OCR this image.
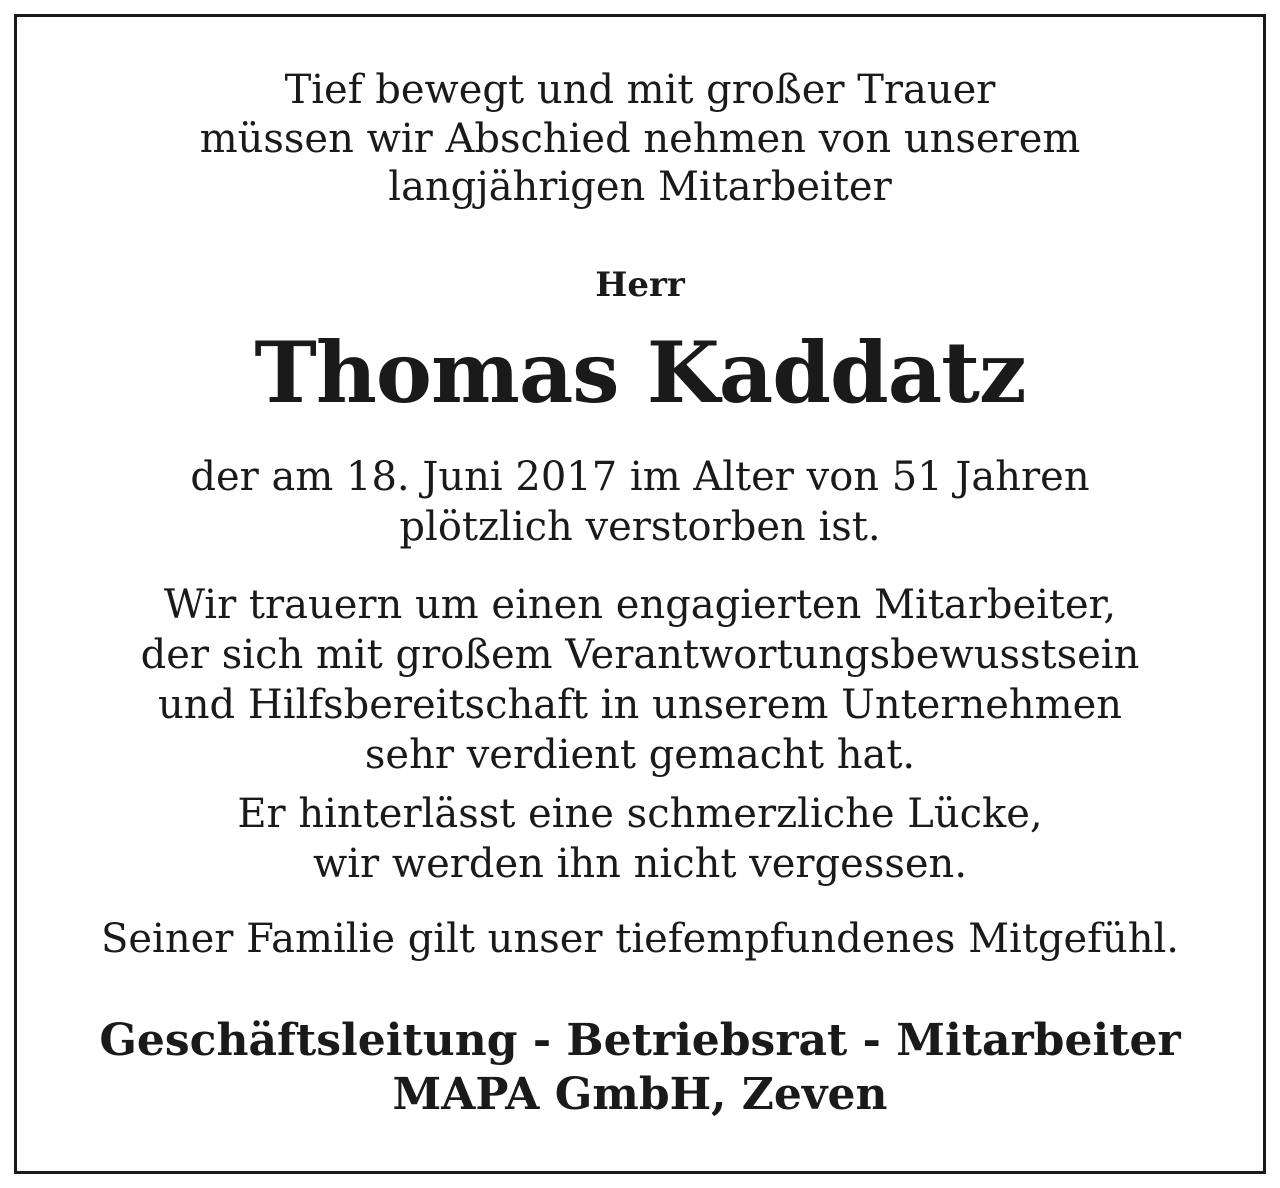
Tief bewegt und mit großer Trauer

müssen wir Abschied nehmen von unserem

langjährigen Mitarbeiter

Herr
Thomas Kaddatz

der am 18. Juni 2017 im Alter von 51 Jahren

plötzlich verstorben ist.

Wir trauern um einen engagierten Mitarbeiter,

der sich mit großem Verantwortungsbewusstsein

und Hilfsbereitschaft in unserem Unternehmen

sehr verdient gemacht hat.

Er hinterlässt eine schmerzliche Lücke,

wir werden ihn nicht vergessen.

Seiner Familie gilt unser tiefempfundenes Mitgefühl.

Geschäftsleitung - Betriebsrat - Mitarbeiter

MAPA GmbH, Zeven
